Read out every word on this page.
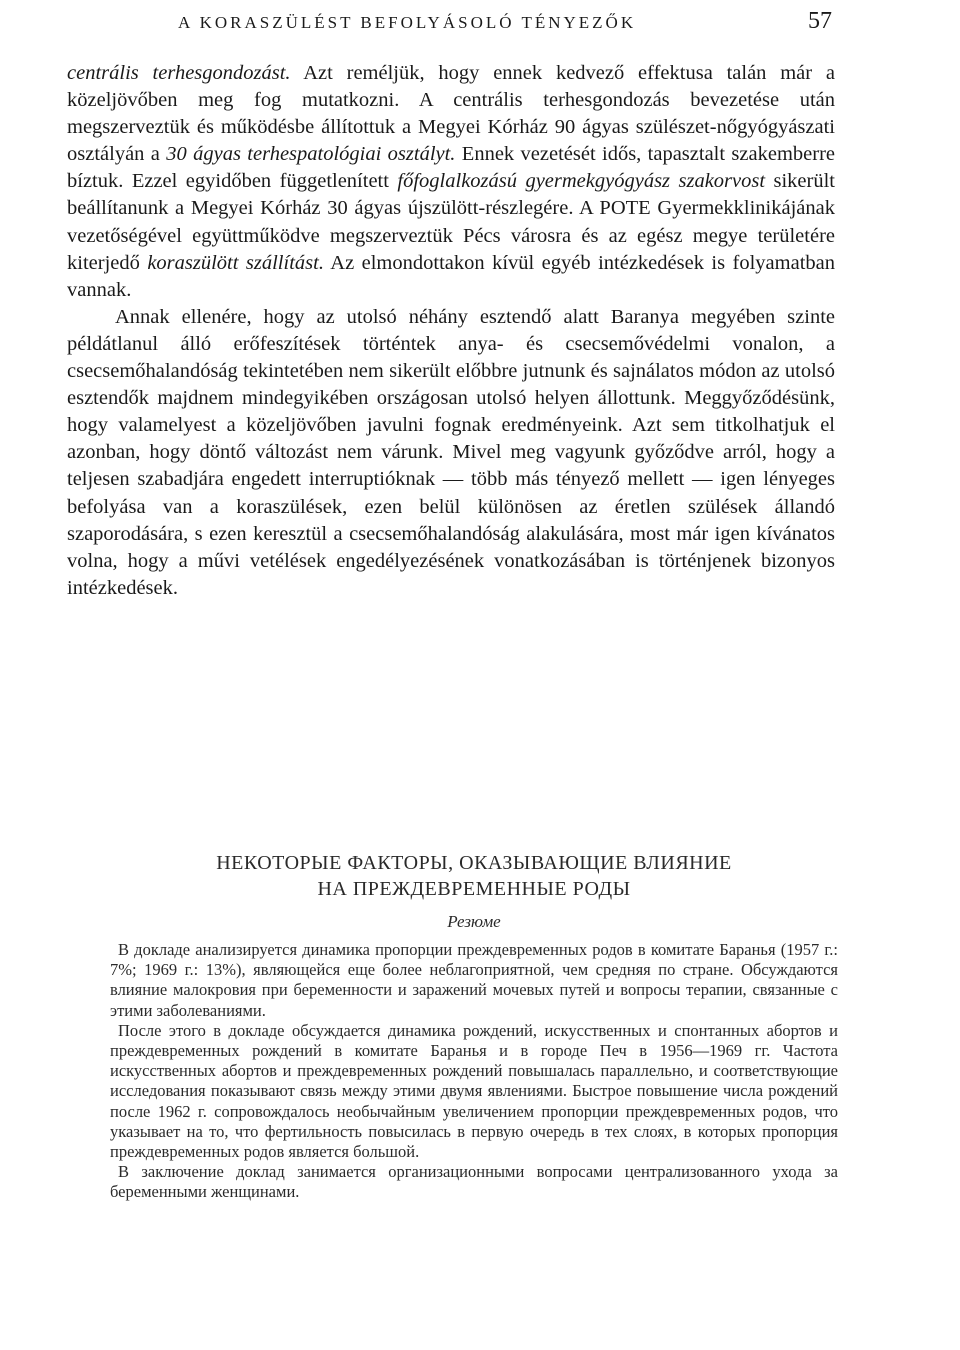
A KORASZÜLÉST BEFOLYÁSOLÓ TÉNYEZŐK	57

centrális terhesgondozást. Azt reméljük, hogy ennek kedvező effektusa talán már a közeljövőben meg fog mutatkozni. A centrális terhesgondozás bevezetése után megszerveztük és működésbe állítottuk a Megyei Kórház 90 ágyas szülészet-nőgyógyászati osztályán a 30 ágyas terhespatológiai osztályt. Ennek vezetését idős, tapasztalt szakemberre bíztuk. Ezzel egyidőben függetlenített főfoglalkozású gyermekgyógyász szakorvost sikerült beállítanunk a Megyei Kórház 30 ágyas újszülött-részlegére. A POTE Gyermekklinikájának vezetőségével együttműködve megszerveztük Pécs városra és az egész megye területére kiterjedő koraszülött szállítást. Az elmondottakon kívül egyéb intézkedések is folyamatban vannak.

Annak ellenére, hogy az utolsó néhány esztendő alatt Baranya megyében szinte példátlanul álló erőfeszítések történtek anya- és csecsemővédelmi vonalon, a csecsemőhalandóság tekintetében nem sikerült előbbre jutnunk és sajnálatos módon az utolsó esztendők majdnem mindegyikében országosan utolsó helyen állottunk. Meggyőződésünk, hogy valamelyest a közeljövőben javulni fognak eredményeink. Azt sem titkolhatjuk el azonban, hogy döntő változást nem várunk. Mivel meg vagyunk győződve arról, hogy a teljesen szabadjára engedett interruptióknak — több más tényező mellett — igen lényeges befolyása van a koraszülések, ezen belül különösen az éretlen szülések állandó szaporodására, s ezen keresztül a csecsemőhalandóság alakulására, most már igen kívánatos volna, hogy a művi vetélések engedélyezésének vonatkozásában is történjenek bizonyos intézkedések.

НЕКОТОРЫЕ ФАКТОРЫ, ОКАЗЫВАЮЩИЕ ВЛИЯНИЕ
НА ПРЕЖДЕВРЕМЕННЫЕ РОДЫ
Резюме

В докладе анализируется динамика пропорции преждевременных родов в комитате Баранья (1957 г.: 7%; 1969 г.: 13%), являющейся еще более неблагоприятной, чем средняя по стране. Обсуждаются влияние малокровия при беременности и заражений мочевых путей и вопросы терапии, связанные с этими заболеваниями.

После этого в докладе обсуждается динамика рождений, искусственных и спонтанных абортов и преждевременных рождений в комитате Баранья и в городе Печ в 1956—1969 гг. Частота искусственных абортов и преждевременных рождений повышалась параллельно, и соответствующие исследования показывают связь между этими двумя явлениями. Быстрое повышение числа рождений после 1962 г. сопровождалось необычайным увеличением пропорции преждевременных родов, что указывает на то, что фертильность повысилась в первую очередь в тех слоях, в которых пропорция преждевременных родов является большой.

В заключение доклад занимается организационными вопросами централизованного ухода за беременными женщинами.
